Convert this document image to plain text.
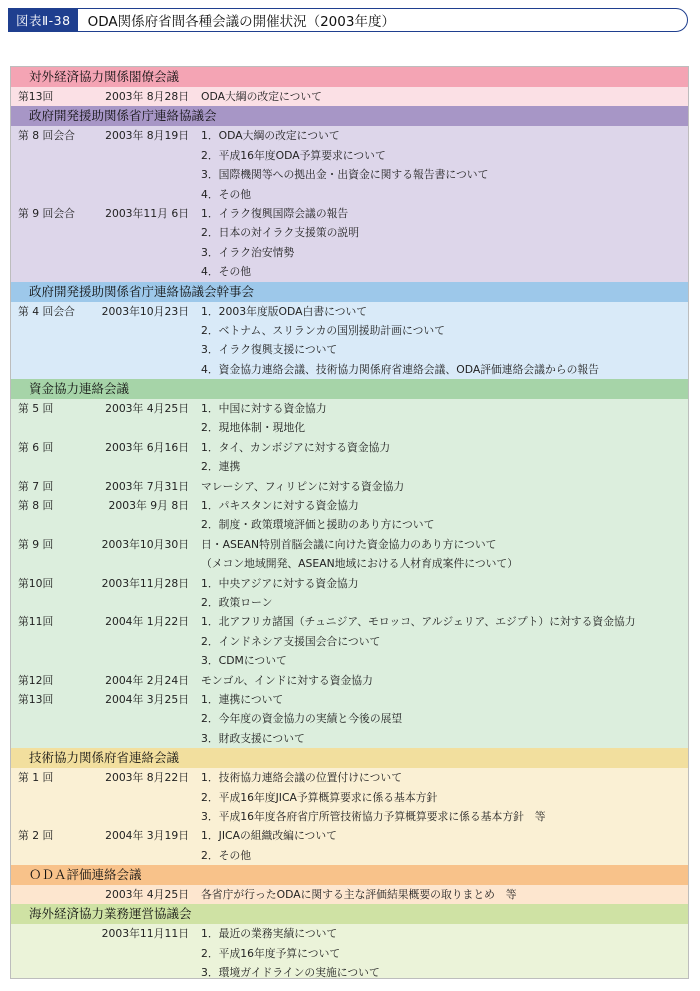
図表Ⅱ-38	ODA関係府省間各種会議の開催状況（2003年度）
対外経済協力関係閣僚会議
第13回	2003年 8月28日	ODA大綱の改定について
政府開発援助関係省庁連絡協議会
第 8 回会合	2003年 8月19日	1．ODA大綱の改定について
2．平成16年度ODA予算要求について
3．国際機関等への拠出金・出資金に関する報告書について
4．その他
第 9 回会合	2003年11月 6日	1．イラク復興国際会議の報告
2．日本の対イラク支援策の説明
3．イラク治安情勢
4．その他
政府開発援助関係省庁連絡協議会幹事会
第 4 回会合	2003年10月23日	1．2003年度版ODA白書について
2．ベトナム、スリランカの国別援助計画について
3．イラク復興支援について
4．資金協力連絡会議、技術協力関係府省連絡会議、ODA評価連絡会議からの報告
資金協力連絡会議
第 5 回	2003年 4月25日	1．中国に対する資金協力
2．現地体制・現地化
第 6 回	2003年 6月16日	1．タイ、カンボジアに対する資金協力
2．連携
第 7 回	2003年 7月31日	マレーシア、フィリピンに対する資金協力
第 8 回	2003年 9月 8日	1．パキスタンに対する資金協力
2．制度・政策環境評価と援助のあり方について
第 9 回	2003年10月30日	日・ASEAN特別首脳会議に向けた資金協力のあり方について
（メコン地域開発、ASEAN地域における人材育成案件について）
第10回	2003年11月28日	1．中央アジアに対する資金協力
2．政策ローン
第11回	2004年 1月22日	1．北アフリカ諸国（チュニジア、モロッコ、アルジェリア、エジプト）に対する資金協力
2．インドネシア支援国会合について
3．CDMについて
第12回	2004年 2月24日	モンゴル、インドに対する資金協力
第13回	2004年 3月25日	1．連携について
2．今年度の資金協力の実績と今後の展望
3．財政支援について
技術協力関係府省連絡会議
第 1 回	2003年 8月22日	1．技術協力連絡会議の位置付けについて
2．平成16年度JICA予算概算要求に係る基本方針
3．平成16年度各府省庁所管技術協力予算概算要求に係る基本方針　等
第 2 回	2004年 3月19日	1．JICAの組織改編について
2．その他
ＯＤＡ評価連絡会議
2003年 4月25日	各省庁が行ったODAに関する主な評価結果概要の取りまとめ　等
海外経済協力業務運営協議会
2003年11月11日	1．最近の業務実績について
2．平成16年度予算について
3．環境ガイドラインの実施について
